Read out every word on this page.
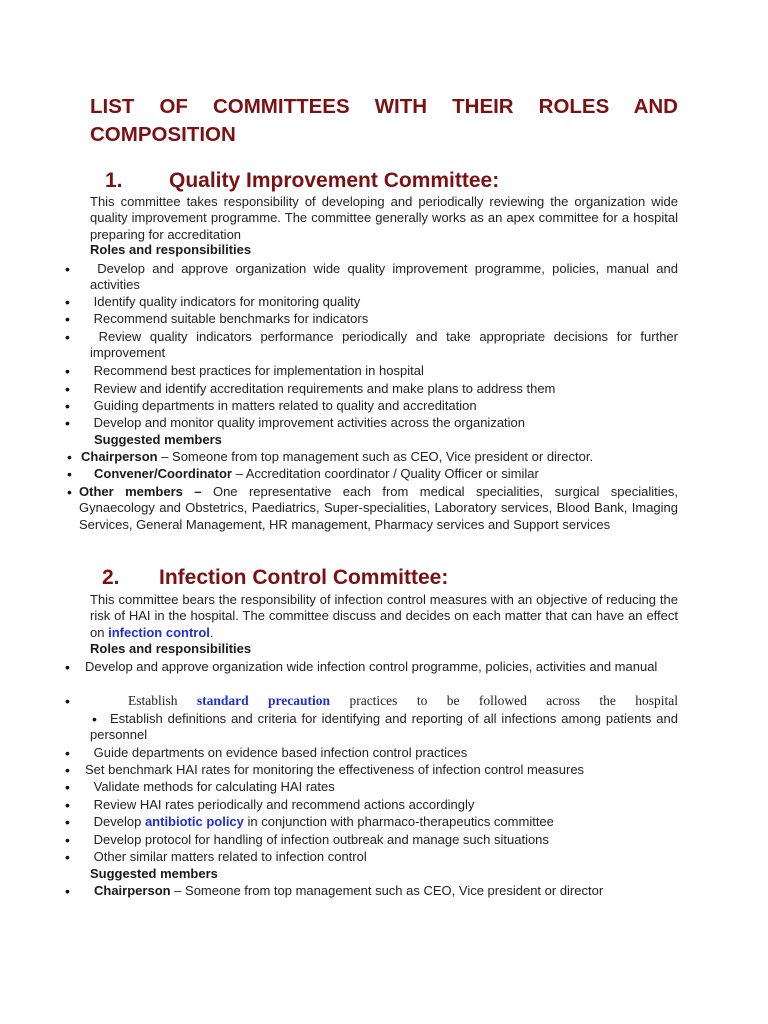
LIST OF COMMITTEES WITH THEIR ROLES AND COMPOSITION
1. Quality Improvement Committee:

This committee takes responsibility of developing and periodically reviewing the organization wide quality improvement programme. The committee generally works as an apex committee for a hospital preparing for accreditation

Roles and responsibilities

•	Develop and approve organization wide quality improvement programme, policies, manual and activities

• Identify quality indicators for monitoring quality

• Recommend suitable benchmarks for indicators

•	Review quality indicators performance periodically and take appropriate decisions for further improvement

• Recommend best practices for implementation in hospital

• Review and identify accreditation requirements and make plans to address them

• Guiding departments in matters related to quality and accreditation

• Develop and monitor quality improvement activities across the organization

Suggested members

• Chairperson – Someone from top management such as CEO, Vice president or director.

• Convener/Coordinator – Accreditation coordinator / Quality Officer or similar

• Other members – One representative each from medical specialities, surgical specialities, Gynaecology and Obstetrics, Paediatrics, Super-specialities, Laboratory services, Blood Bank, Imaging Services, General Management, HR management, Pharmacy services and Support services

2. Infection Control Committee:

This committee bears the responsibility of infection control measures with an objective of reducing the risk of HAI in the hospital. The committee discuss and decides on each matter that can have an effect on infection control.

Roles and responsibilities

• Develop and approve organization wide infection control programme, policies, activities and manual

•	Establish standard precaution practices to be followed across the hospital

•	Establish definitions and criteria for identifying and reporting of all infections among patients and personnel

• Guide departments on evidence based infection control practices

• Set benchmark HAI rates for monitoring the effectiveness of infection control measures

• Validate methods for calculating HAI rates

• Review HAI rates periodically and recommend actions accordingly

• Develop antibiotic policy in conjunction with pharmaco-therapeutics committee

• Develop protocol for handling of infection outbreak and manage such situations

• Other similar matters related to infection control

Suggested members

• Chairperson – Someone from top management such as CEO, Vice president or director
